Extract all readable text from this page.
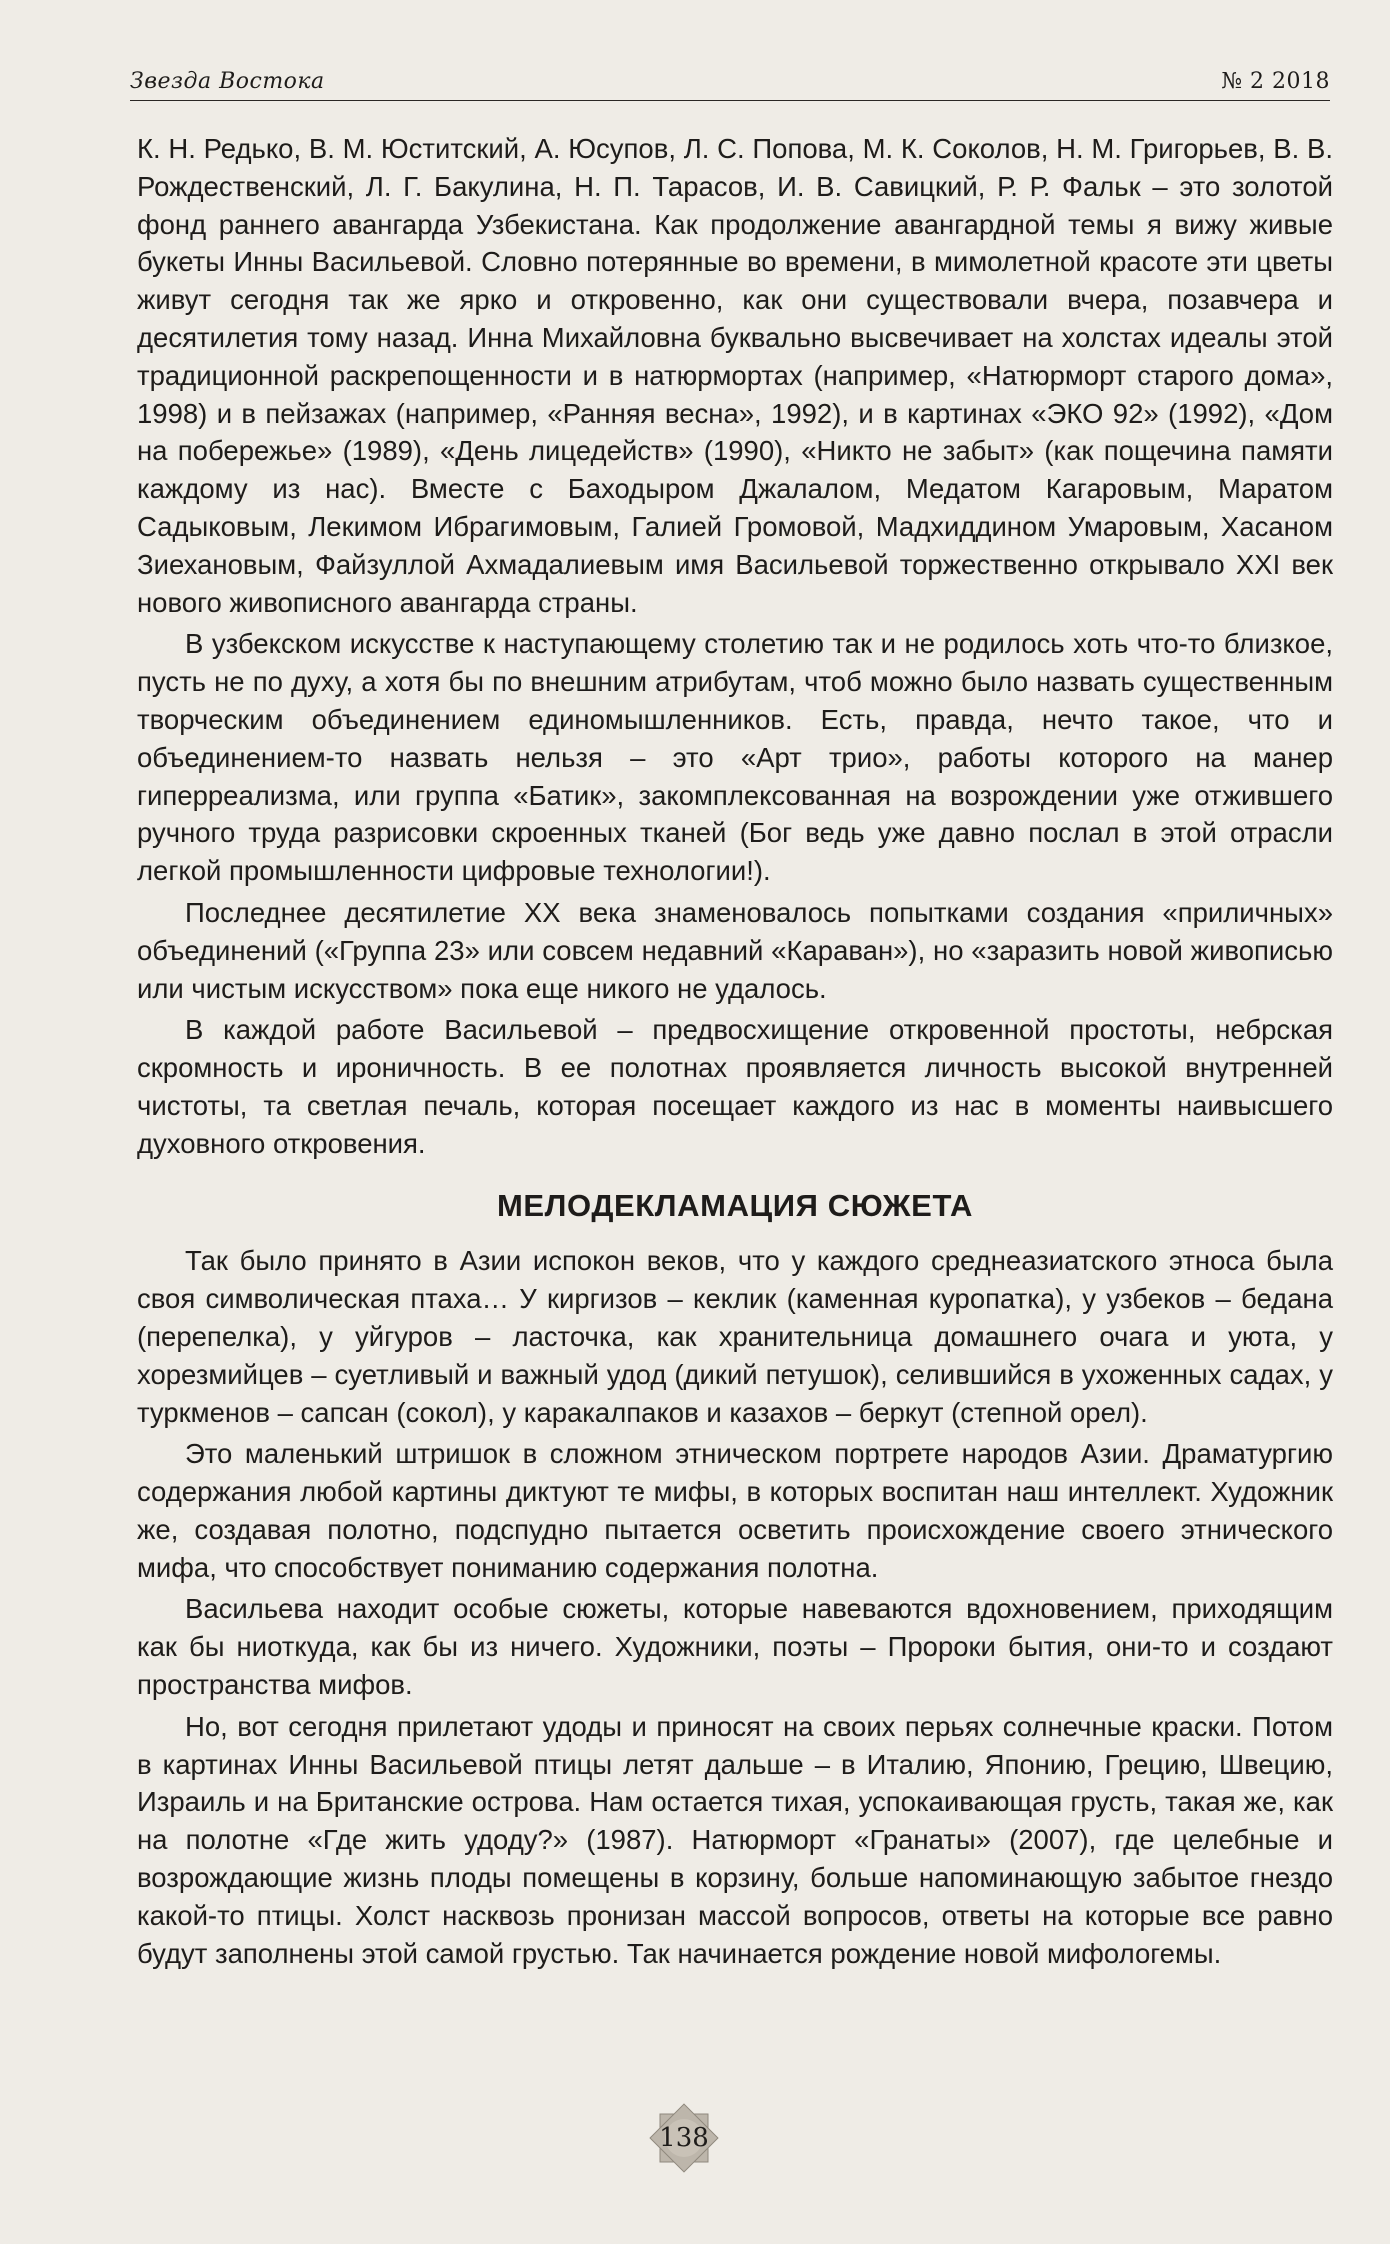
Звезда Востока	№ 2 2018

К. Н. Редько, В. М. Юститский, А. Юсупов, Л. С. Попова, М. К. Соколов, Н. М. Григорьев, В. В. Рождественский, Л. Г. Бакулина, Н. П. Тарасов, И. В. Савицкий, Р. Р. Фальк – это золотой фонд раннего авангарда Узбекистана. Как продолжение авангардной темы я вижу живые букеты Инны Васильевой. Словно потерянные во времени, в мимолетной красоте эти цветы живут сегодня так же ярко и откровенно, как они существовали вчера, позавчера и десятилетия тому назад. Инна Михайловна буквально высвечивает на холстах идеалы этой традиционной раскрепощенности и в натюрмортах (например, «Натюрморт старого дома», 1998) и в пейзажах (например, «Ранняя весна», 1992), и в картинах «ЭКО 92» (1992), «Дом на побережье» (1989), «День лицедейств» (1990), «Никто не забыт» (как пощечина памяти каждому из нас). Вместе с Баходыром Джалалом, Медатом Кагаровым, Маратом Садыковым, Лекимом Ибрагимовым, Галией Громовой, Мадхиддином Умаровым, Хасаном Зиехановым, Файзуллой Ахмадалиевым имя Васильевой торжественно открывало XXI век нового живописного авангарда страны.

В узбекском искусстве к наступающему столетию так и не родилось хоть что-то близкое, пусть не по духу, а хотя бы по внешним атрибутам, чтоб можно было назвать существенным творческим объединением единомышленников. Есть, правда, нечто такое, что и объединением-то назвать нельзя – это «Арт трио», работы которого на манер гиперреализма, или группа «Батик», закомплексованная на возрождении уже отжившего ручного труда разрисовки скроенных тканей (Бог ведь уже давно послал в этой отрасли легкой промышленности цифровые технологии!).

Последнее десятилетие XX века знаменовалось попытками создания «приличных» объединений («Группа 23» или совсем недавний «Караван»), но «заразить новой живописью или чистым искусством» пока еще никого не удалось.

В каждой работе Васильевой – предвосхищение откровенной простоты, небрская скромность и ироничность. В ее полотнах проявляется личность высокой внутренней чистоты, та светлая печаль, которая посещает каждого из нас в моменты наивысшего духовного откровения.

МЕЛОДЕКЛАМАЦИЯ СЮЖЕТА

Так было принято в Азии испокон веков, что у каждого среднеазиатского этноса была своя символическая птаха… У киргизов – кеклик (каменная куропатка), у узбеков – бедана (перепелка), у уйгуров – ласточка, как хранительница домашнего очага и уюта, у хорезмийцев – суетливый и важный удод (дикий петушок), селившийся в ухоженных садах, у туркменов – сапсан (сокол), у каракалпаков и казахов – беркут (степной орел).

Это маленький штришок в сложном этническом портрете народов Азии. Драматургию содержания любой картины диктуют те мифы, в которых воспитан наш интеллект. Художник же, создавая полотно, подспудно пытается осветить происхождение своего этнического мифа, что способствует пониманию содержания полотна.

Васильева находит особые сюжеты, которые навеваются вдохновением, приходящим как бы ниоткуда, как бы из ничего. Художники, поэты – Пророки бытия, они-то и создают пространства мифов.

Но, вот сегодня прилетают удоды и приносят на своих перьях солнечные краски. Потом в картинах Инны Васильевой птицы летят дальше – в Италию, Японию, Грецию, Швецию, Израиль и на Британские острова. Нам остается тихая, успокаивающая грусть, такая же, как на полотне «Где жить удоду?» (1987). Натюрморт «Гранаты» (2007), где целебные и возрождающие жизнь плоды помещены в корзину, больше напоминающую забытое гнездо какой-то птицы. Холст насквозь пронизан массой вопросов, ответы на которые все равно будут заполнены этой самой грустью. Так начинается рождение новой мифологемы.

138
